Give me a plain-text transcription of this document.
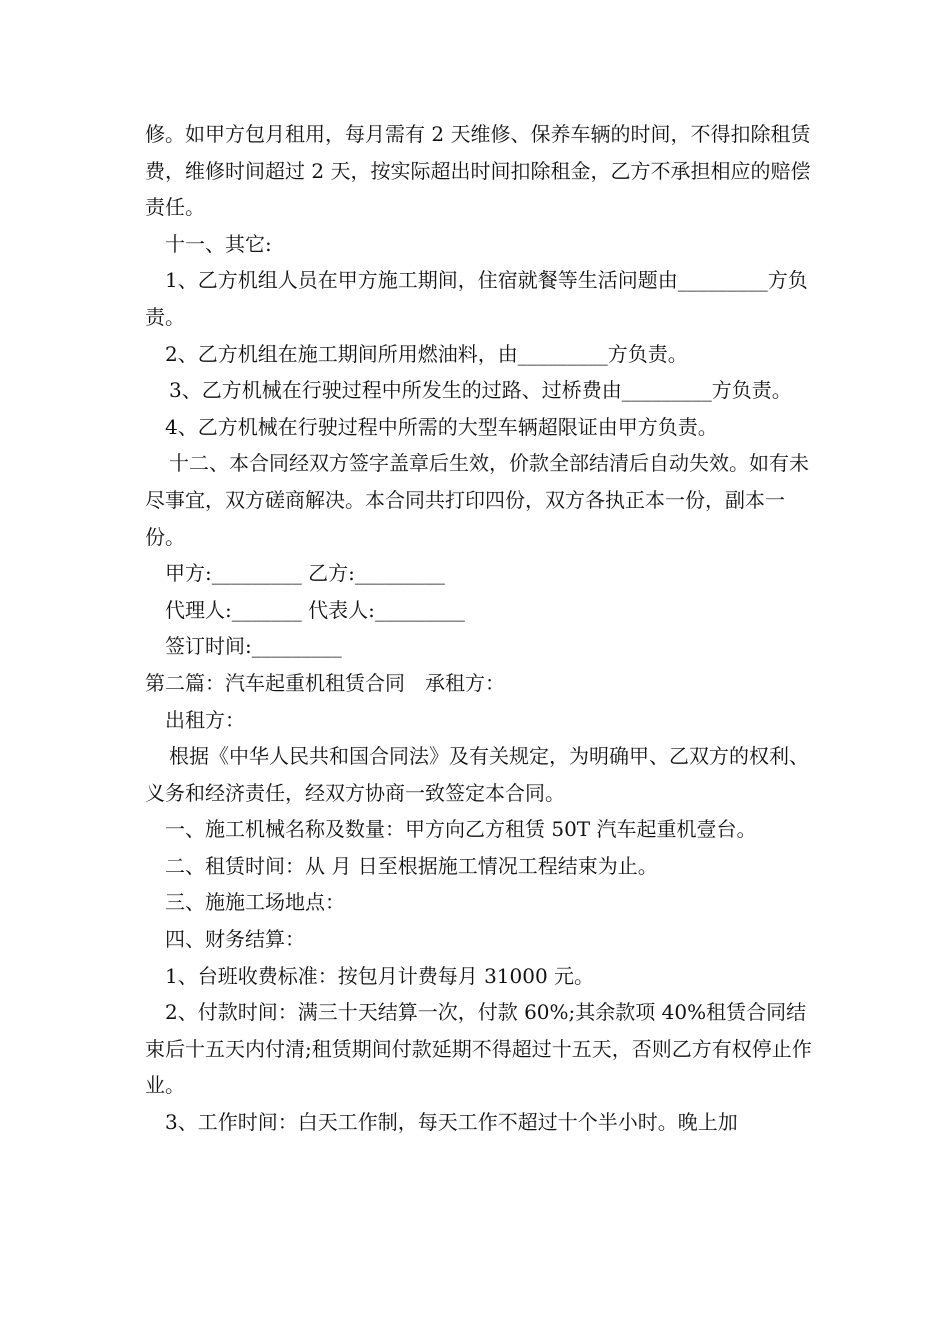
修。如甲方包月租用，每月需有 2 天维修、保养车辆的时间，不得扣除租赁费，维修时间超过 2 天，按实际超出时间扣除租金，乙方不承担相应的赔偿责任。

十一、其它:

1、乙方机组人员在甲方施工期间，住宿就餐等生活问题由_________方负责。

2、乙方机组在施工期间所用燃油料，由_________方负责。

3、乙方机械在行驶过程中所发生的过路、过桥费由_________方负责。

4、乙方机械在行驶过程中所需的大型车辆超限证由甲方负责。

十二、本合同经双方签字盖章后生效，价款全部结清后自动失效。如有未尽事宜，双方磋商解决。本合同共打印四份，双方各执正本一份，副本一份。

甲方:_________ 乙方:_________

代理人:_______ 代表人:_________

签订时间:_________

第二篇：汽车起重机租赁合同　承租方：

出租方：

根据《中华人民共和国合同法》及有关规定，为明确甲、乙双方的权利、义务和经济责任，经双方协商一致签定本合同。

一、施工机械名称及数量：甲方向乙方租赁 50T 汽车起重机壹台。

二、租赁时间：从 月 日至根据施工情况工程结束为止。

三、施施工场地点：

四、财务结算：

1、台班收费标准：按包月计费每月 31000 元。

2、付款时间：满三十天结算一次，付款 60%;其余款项 40%租赁合同结束后十五天内付清;租赁期间付款延期不得超过十五天，否则乙方有权停止作业。

3、工作时间：白天工作制，每天工作不超过十个半小时。晚上加
